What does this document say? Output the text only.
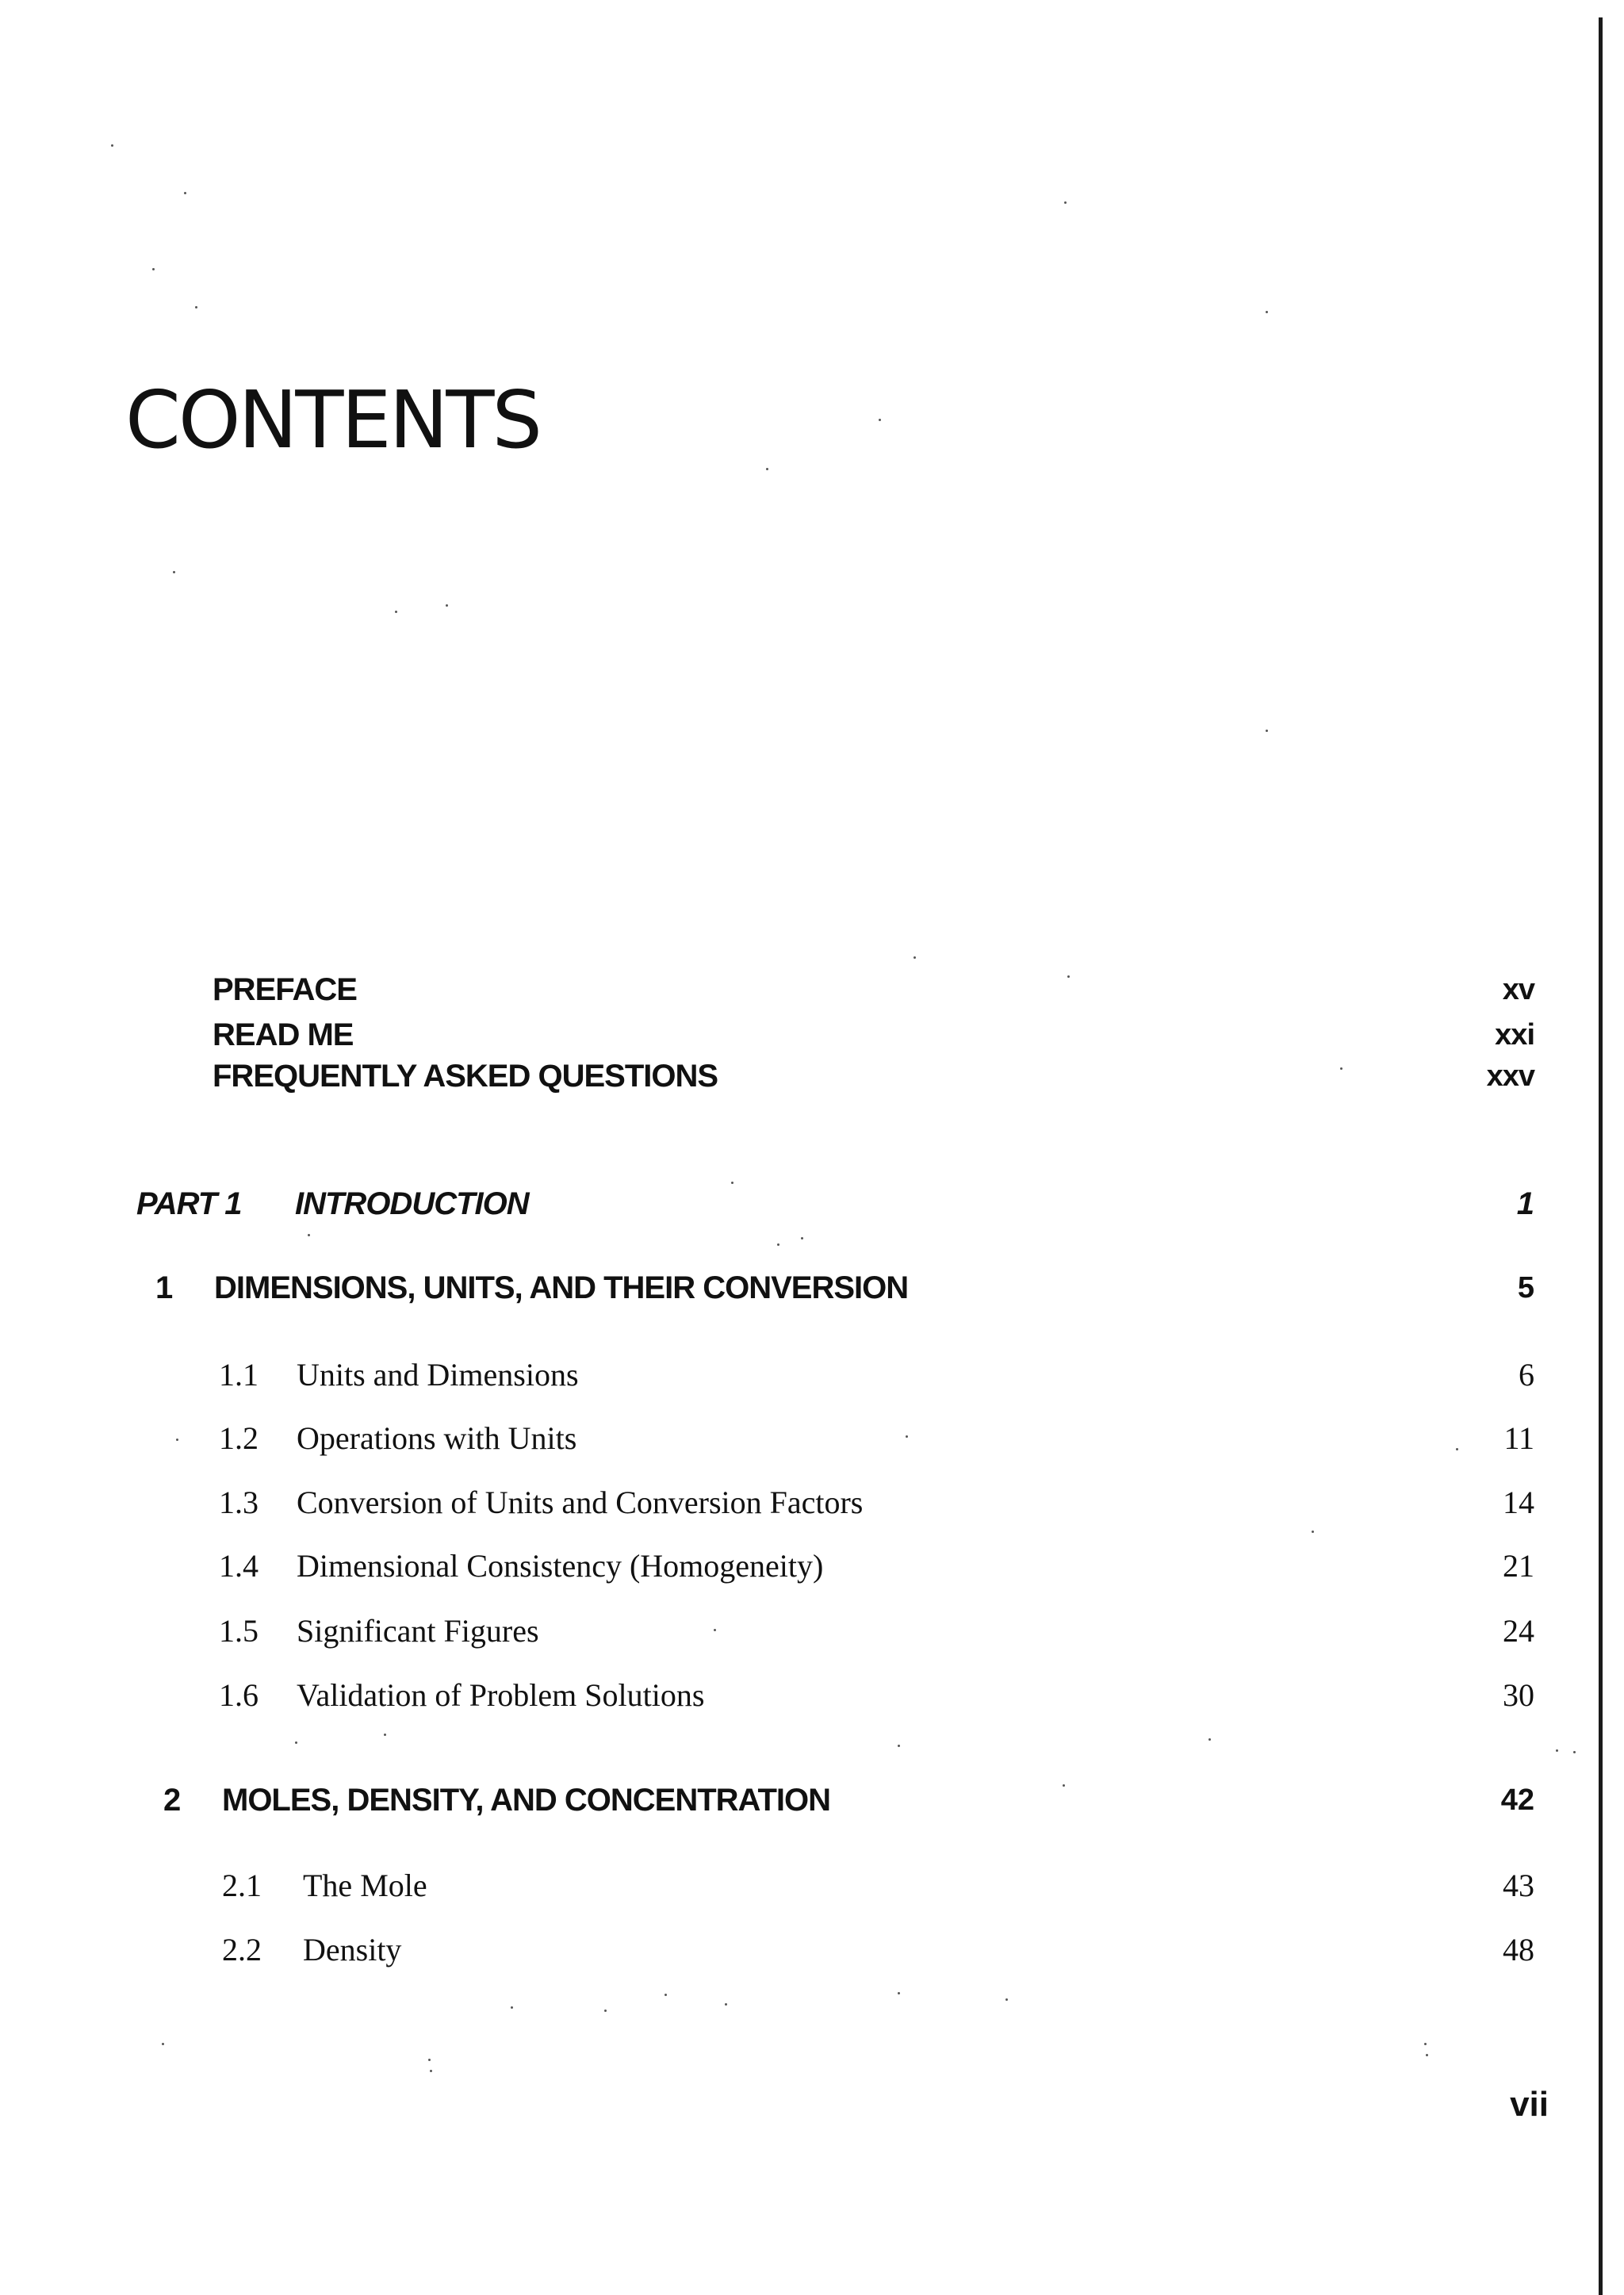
CONTENTS
PREFACE	xv
READ ME	xxi
FREQUENTLY ASKED QUESTIONS	xxv
PART 1 INTRODUCTION	1
1 DIMENSIONS, UNITS, AND THEIR CONVERSION	5
1.1 Units and Dimensions	6
1.2 Operations with Units	11
1.3 Conversion of Units and Conversion Factors	14
1.4 Dimensional Consistency (Homogeneity)	21
1.5 Significant Figures	24
1.6 Validation of Problem Solutions	30
2 MOLES, DENSITY, AND CONCENTRATION	42
2.1 The Mole	43
2.2 Density	48
vii
